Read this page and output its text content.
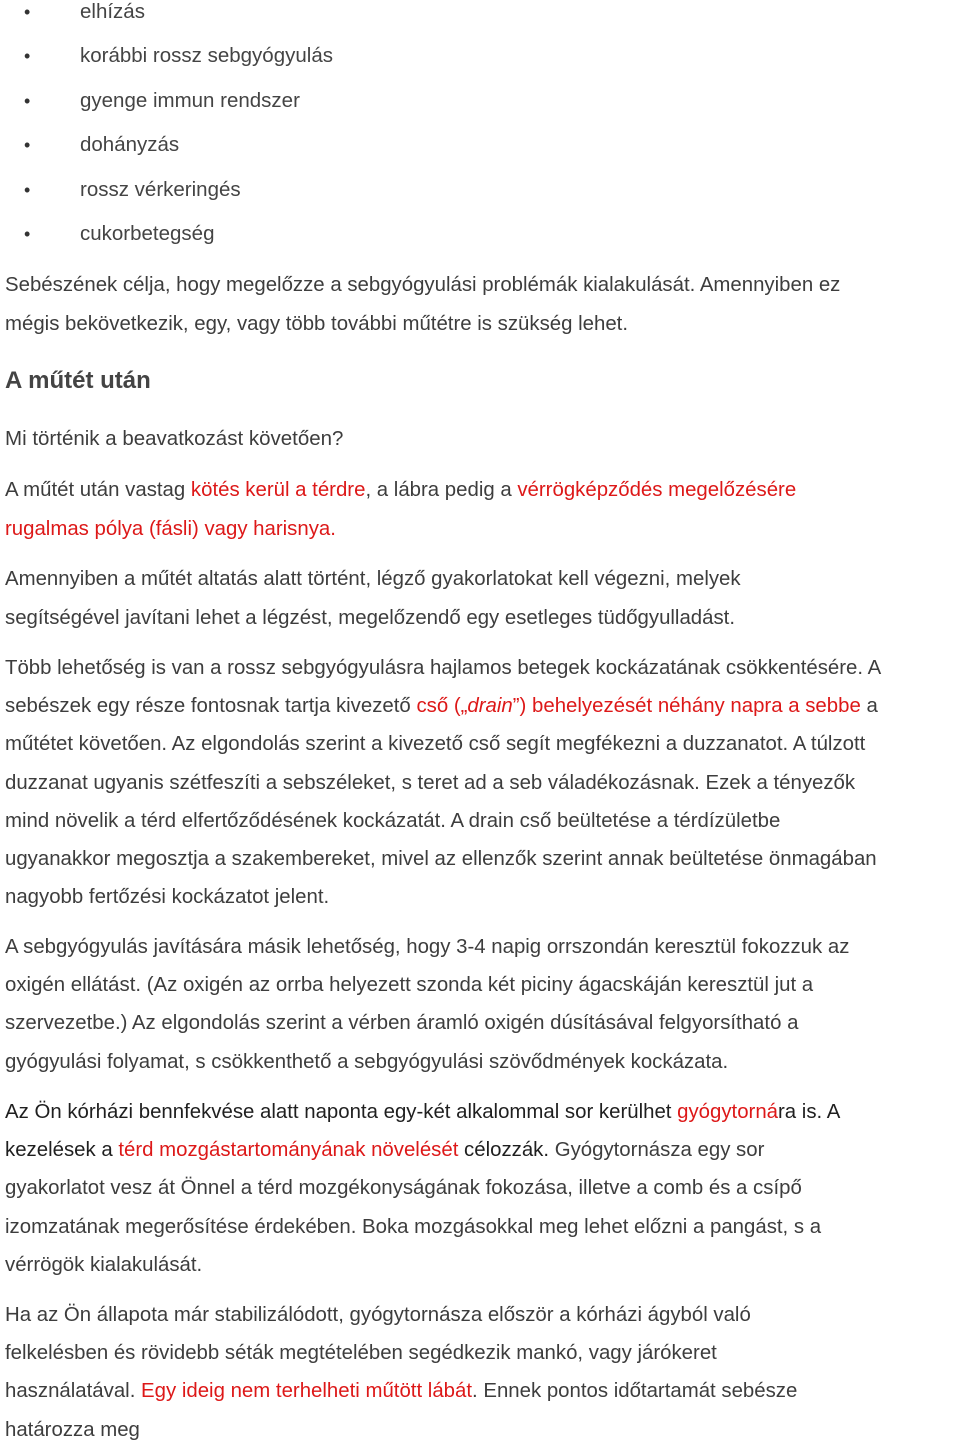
• elhízás
• korábbi rossz sebgyógyulás
• gyenge immun rendszer
• dohányzás
• rossz vérkeringés
• cukorbetegség

Sebészének célja, hogy megelőzze a sebgyógyulási problémák kialakulását. Amennyiben ez
mégis bekövetkezik, egy, vagy több további műtétre is szükség lehet.

A műtét után

Mi történik a beavatkozást követően?

A műtét után vastag kötés kerül a térdre, a lábra pedig a vérrögképződés megelőzésére
rugalmas pólya (fásli) vagy harisnya.

Amennyiben a műtét altatás alatt történt, légző gyakorlatokat kell végezni, melyek
segítségével javítani lehet a légzést, megelőzendő egy esetleges tüdőgyulladást.

Több lehetőség is van a rossz sebgyógyulásra hajlamos betegek kockázatának csökkentésére. A
sebészek egy része fontosnak tartja kivezető cső („drain”) behelyezését néhány napra a sebbe a
műtétet követően. Az elgondolás szerint a kivezető cső segít megfékezni a duzzanatot. A túlzott
duzzanat ugyanis szétfeszíti a sebszéleket, s teret ad a seb váladékozásnak. Ezek a tényezők
mind növelik a térd elfertőződésének kockázatát. A drain cső beültetése a térdízületbe
ugyanakkor megosztja a szakembereket, mivel az ellenzők szerint annak beültetése önmagában
nagyobb fertőzési kockázatot jelent.

A sebgyógyulás javítására másik lehetőség, hogy 3-4 napig orrszondán keresztül fokozzuk az
oxigén ellátást. (Az oxigén az orrba helyezett szonda két piciny ágacskáján keresztül jut a
szervezetbe.) Az elgondolás szerint a vérben áramló oxigén dúsításával felgyorsítható a
gyógyulási folyamat, s csökkenthető a sebgyógyulási szövődmények kockázata.

Az Ön kórházi bennfekvése alatt naponta egy-két alkalommal sor kerülhet gyógytornára is. A
kezelések a térd mozgástartományának növelését célozzák. Gyógytornásza egy sor
gyakorlatot vesz át Önnel a térd mozgékonyságának fokozása, illetve a comb és a csípő
izomzatának megerősítése érdekében. Boka mozgásokkal meg lehet előzni a pangást, s a
vérrögök kialakulását.

Ha az Ön állapota már stabilizálódott, gyógytornásza először a kórházi ágyból való
felkelésben és rövidebb séták megtételében segédkezik mankó, vagy járókeret
használatával. Egy ideig nem terhelheti műtött lábát. Ennek pontos időtartamát sebésze
határozza meg
